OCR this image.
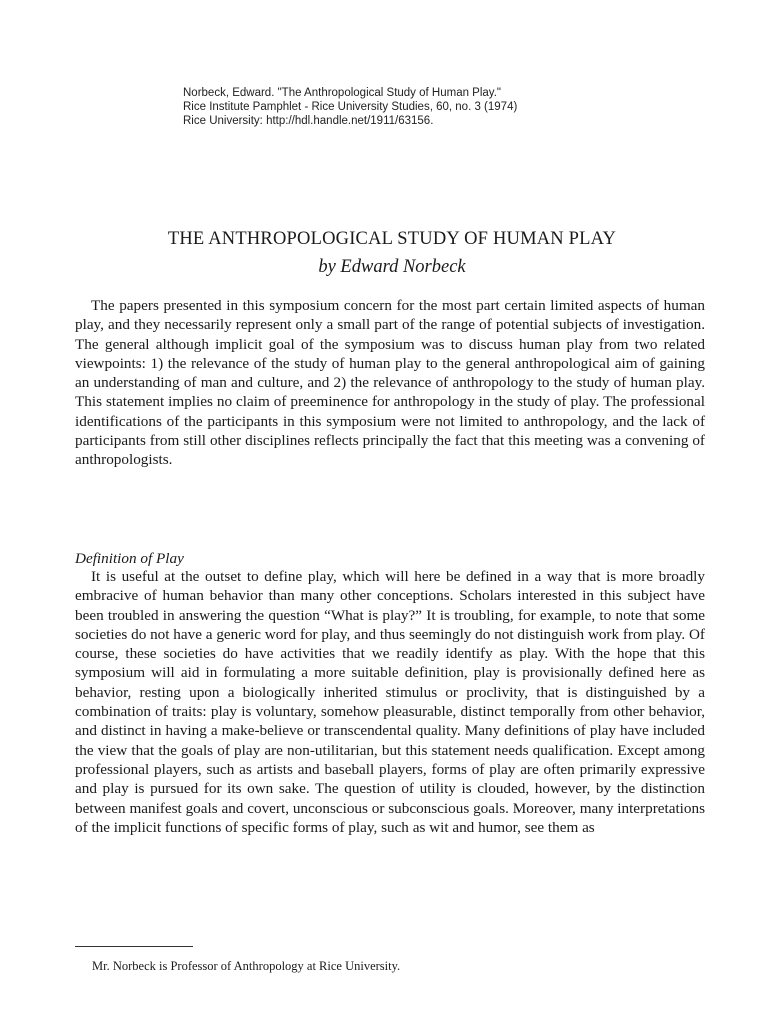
Norbeck, Edward. "The Anthropological Study of Human Play."
Rice Institute Pamphlet - Rice University Studies, 60, no. 3 (1974)
Rice University: http://hdl.handle.net/1911/63156.
THE ANTHROPOLOGICAL STUDY OF HUMAN PLAY
by Edward Norbeck

The papers presented in this symposium concern for the most part certain limited aspects of human play, and they necessarily represent only a small part of the range of potential subjects of investigation. The general although implicit goal of the symposium was to discuss human play from two related viewpoints: 1) the relevance of the study of human play to the general anthropological aim of gaining an understanding of man and culture, and 2) the relevance of anthropology to the study of human play. This statement implies no claim of preeminence for anthropology in the study of play. The professional identifications of the participants in this symposium were not limited to anthropology, and the lack of participants from still other disciplines reflects principally the fact that this meeting was a convening of anthropologists.

Definition of Play

It is useful at the outset to define play, which will here be defined in a way that is more broadly embracive of human behavior than many other conceptions. Scholars interested in this subject have been troubled in answering the question “What is play?” It is troubling, for example, to note that some societies do not have a generic word for play, and thus seemingly do not distinguish work from play. Of course, these societies do have activities that we readily identify as play. With the hope that this symposium will aid in formulating a more suitable definition, play is provisionally defined here as behavior, resting upon a biologically inherited stimulus or proclivity, that is distinguished by a combination of traits: play is voluntary, somehow pleasurable, distinct temporally from other behavior, and distinct in having a make-believe or transcendental quality. Many definitions of play have included the view that the goals of play are non-utilitarian, but this statement needs qualification. Except among professional players, such as artists and baseball players, forms of play are often primarily expressive and play is pursued for its own sake. The question of utility is clouded, however, by the distinction between manifest goals and covert, unconscious or subconscious goals. Moreover, many interpretations of the implicit functions of specific forms of play, such as wit and humor, see them as

Mr. Norbeck is Professor of Anthropology at Rice University.
